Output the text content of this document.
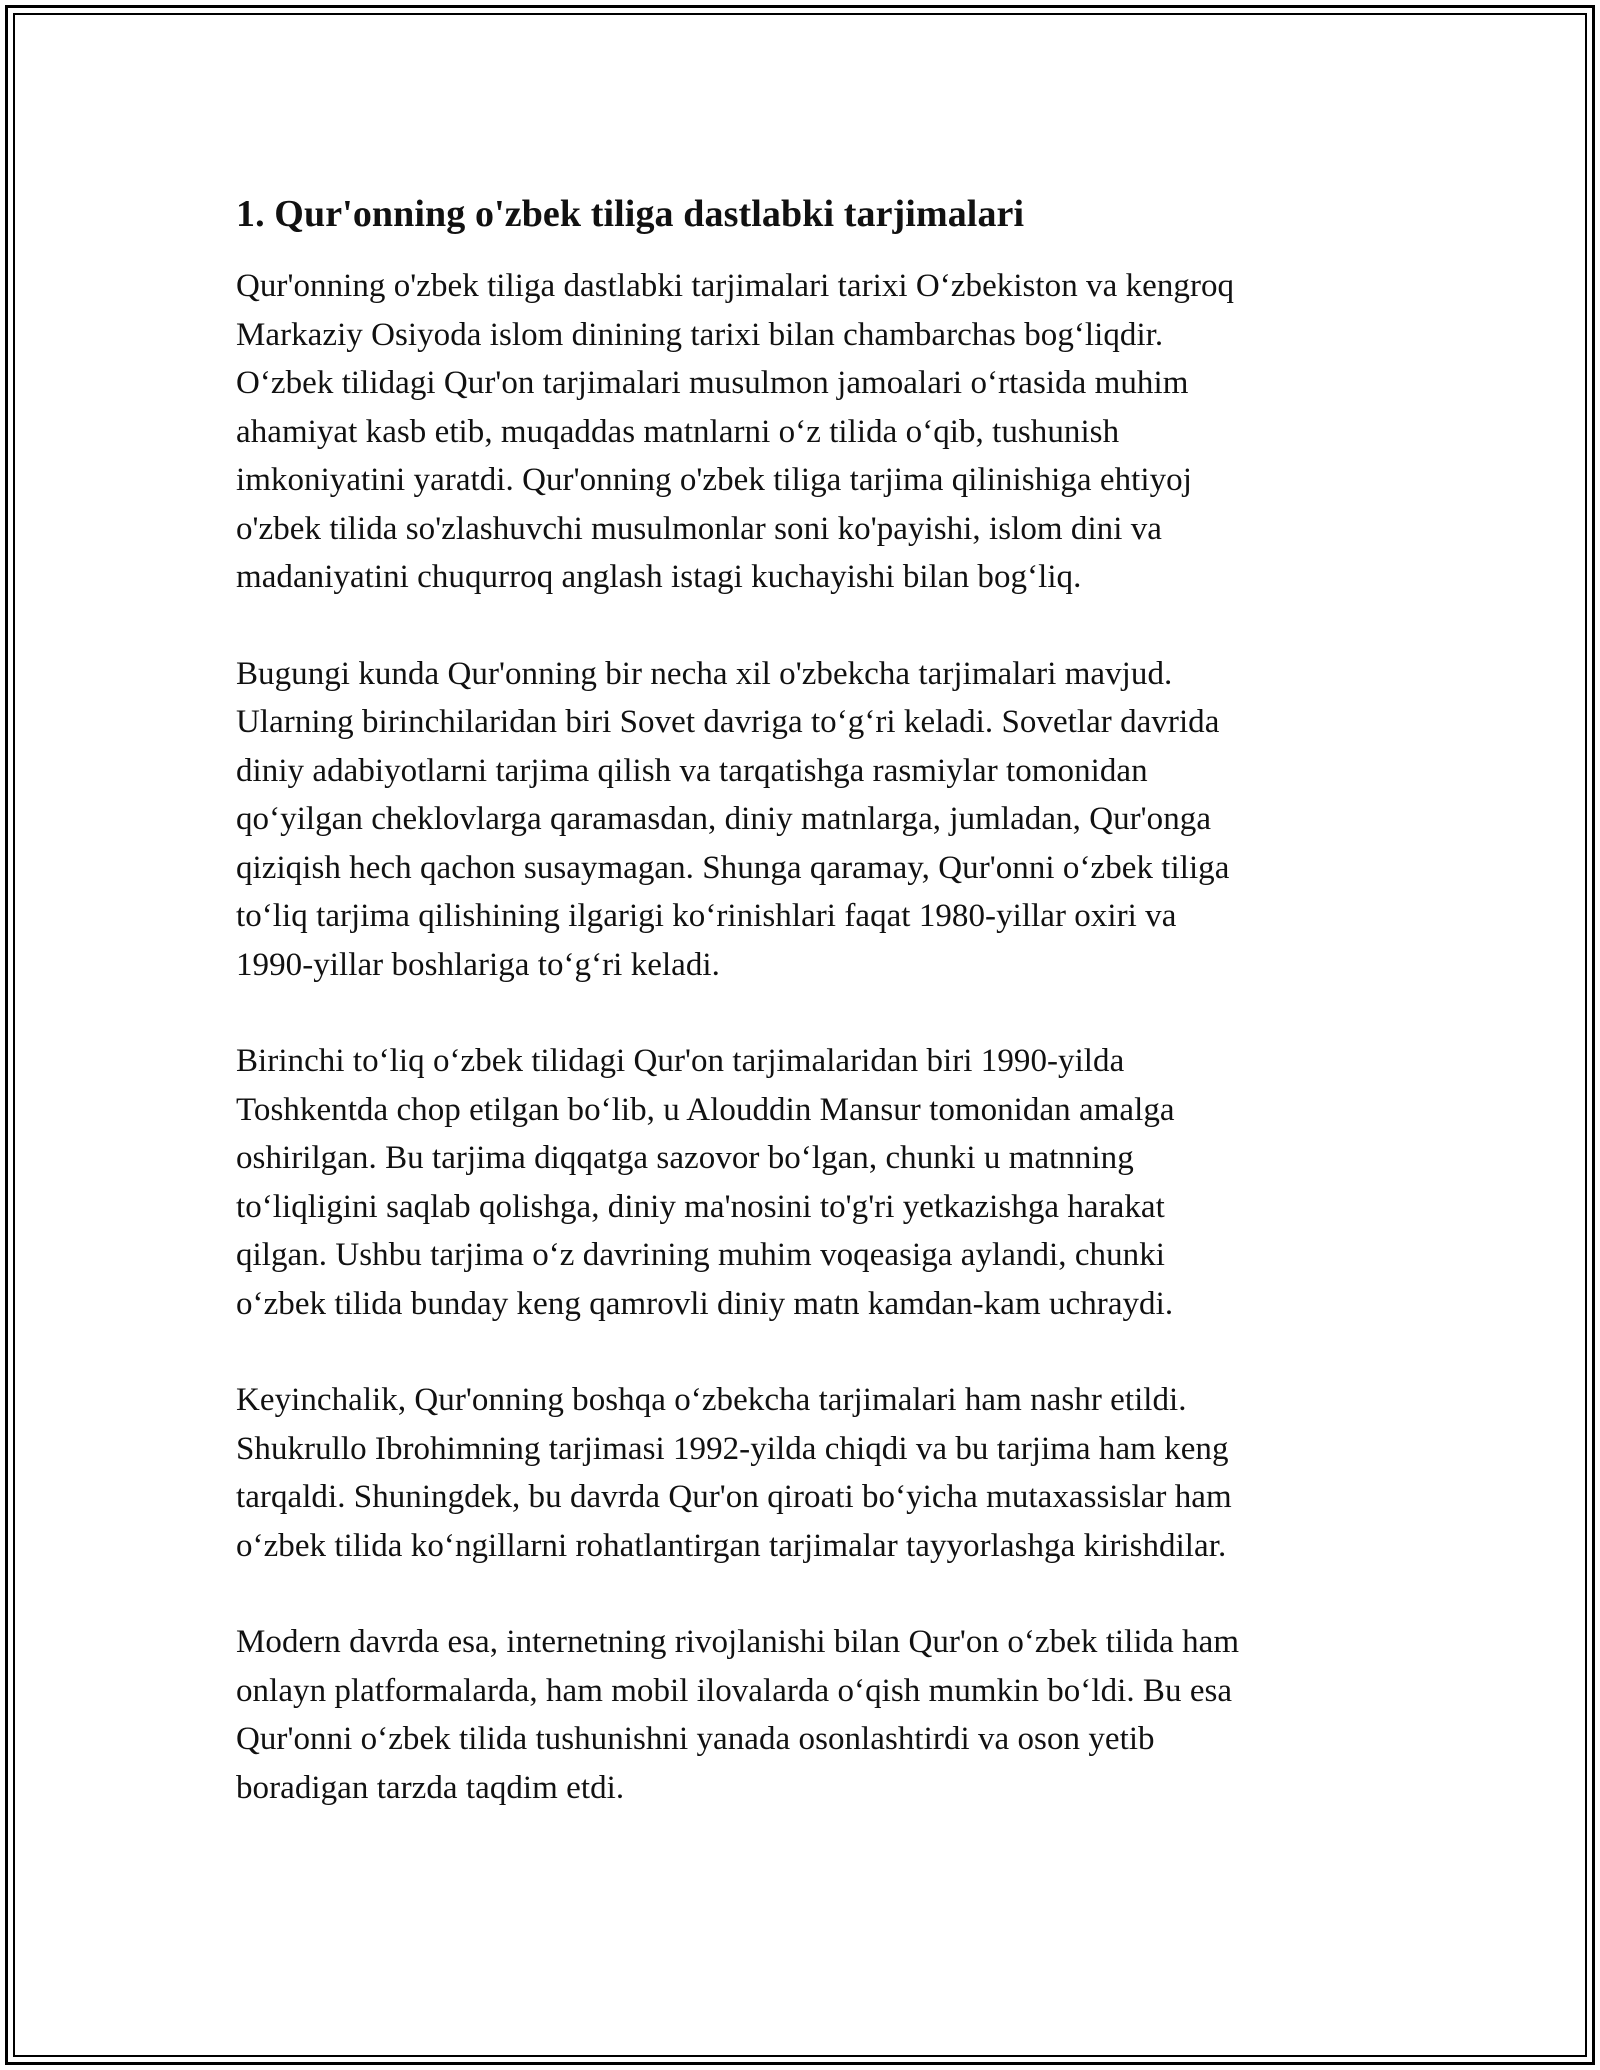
1. Qur'onning o'zbek tiliga dastlabki tarjimalari

Qur'onning o'zbek tiliga dastlabki tarjimalari tarixi O‘zbekiston va kengroq
Markaziy Osiyoda islom dinining tarixi bilan chambarchas bog‘liqdir.
O‘zbek tilidagi Qur'on tarjimalari musulmon jamoalari o‘rtasida muhim
ahamiyat kasb etib, muqaddas matnlarni o‘z tilida o‘qib, tushunish
imkoniyatini yaratdi. Qur'onning o'zbek tiliga tarjima qilinishiga ehtiyoj
o'zbek tilida so'zlashuvchi musulmonlar soni ko'payishi, islom dini va
madaniyatini chuqurroq anglash istagi kuchayishi bilan bog‘liq.

Bugungi kunda Qur'onning bir necha xil o'zbekcha tarjimalari mavjud.
Ularning birinchilaridan biri Sovet davriga to‘g‘ri keladi. Sovetlar davrida
diniy adabiyotlarni tarjima qilish va tarqatishga rasmiylar tomonidan
qo‘yilgan cheklovlarga qaramasdan, diniy matnlarga, jumladan, Qur'onga
qiziqish hech qachon susaymagan. Shunga qaramay, Qur'onni o‘zbek tiliga
to‘liq tarjima qilishining ilgarigi ko‘rinishlari faqat 1980-yillar oxiri va
1990-yillar boshlariga to‘g‘ri keladi.

Birinchi to‘liq o‘zbek tilidagi Qur'on tarjimalaridan biri 1990-yilda
Toshkentda chop etilgan bo‘lib, u Alouddin Mansur tomonidan amalga
oshirilgan. Bu tarjima diqqatga sazovor bo‘lgan, chunki u matnning
to‘liqligini saqlab qolishga, diniy ma'nosini to'g'ri yetkazishga harakat
qilgan. Ushbu tarjima o‘z davrining muhim voqeasiga aylandi, chunki
o‘zbek tilida bunday keng qamrovli diniy matn kamdan-kam uchraydi.

Keyinchalik, Qur'onning boshqa o‘zbekcha tarjimalari ham nashr etildi.
Shukrullo Ibrohimning tarjimasi 1992-yilda chiqdi va bu tarjima ham keng
tarqaldi. Shuningdek, bu davrda Qur'on qiroati bo‘yicha mutaxassislar ham
o‘zbek tilida ko‘ngillarni rohatlantirgan tarjimalar tayyorlashga kirishdilar.

Modern davrda esa, internetning rivojlanishi bilan Qur'on o‘zbek tilida ham
onlayn platformalarda, ham mobil ilovalarda o‘qish mumkin bo‘ldi. Bu esa
Qur'onni o‘zbek tilida tushunishni yanada osonlashtirdi va oson yetib
boradigan tarzda taqdim etdi.
